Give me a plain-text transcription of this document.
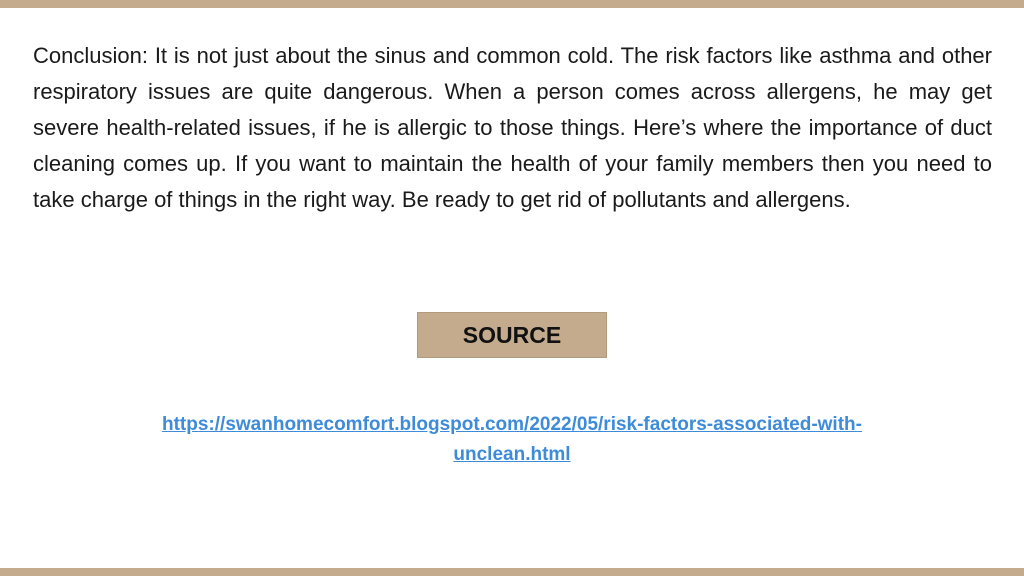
Conclusion: It is not just about the sinus and common cold. The risk factors like asthma and other respiratory issues are quite dangerous. When a person comes across allergens, he may get severe health-related issues, if he is allergic to those things. Here’s where the importance of duct cleaning comes up. If you want to maintain the health of your family members then you need to take charge of things in the right way. Be ready to get rid of pollutants and allergens.

SOURCE
https://swanhomecomfort.blogspot.com/2022/05/risk-factors-associated-with-
unclean.html
